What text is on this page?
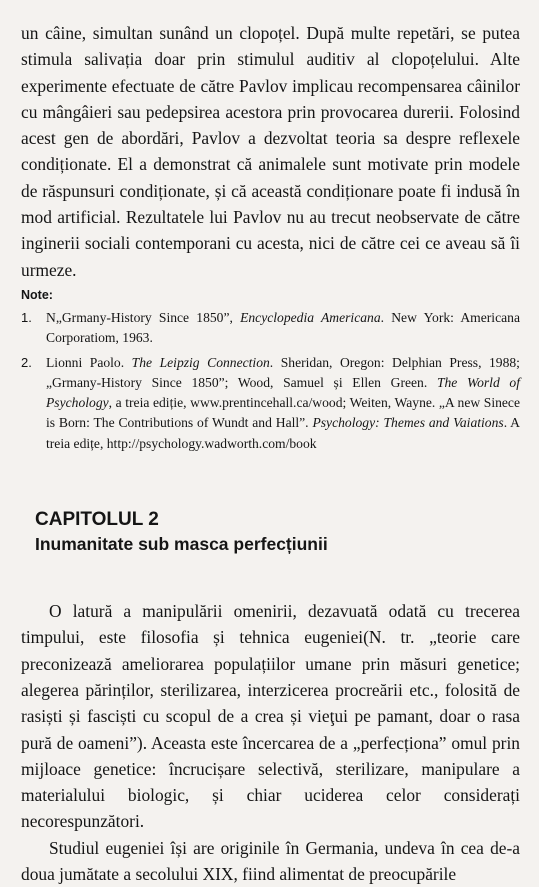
un câine, simultan sunând un clopoțel. După multe repetări, se putea stimula salivația doar prin stimulul auditiv al clopoțelului. Alte experimente efectuate de către Pavlov implicau recompensarea câinilor cu mângâieri sau pedepsirea acestora prin provocarea durerii. Folosind acest gen de abordări, Pavlov a dezvoltat teoria sa despre reflexele condiționate. El a demonstrat că animalele sunt motivate prin modele de răspunsuri condiționate, și că această condiționare poate fi indusă în mod artificial. Rezultatele lui Pavlov nu au trecut neobservate de către inginerii sociali contemporani cu acesta, nici de către cei ce aveau să îi urmeze.

Note:
1.	N„Grmany-History Since 1850”, Encyclopedia Americana. New York: Americana Corporatiom, 1963.
2.	Lionni Paolo. The Leipzig Connection. Sheridan, Oregon: Delphian Press, 1988; „Grmany-History Since 1850”; Wood, Samuel și Ellen Green. The World of Psychology, a treia ediție, www.prentincehall.ca/wood; Weiten, Wayne. „A new Sinece is Born: The Contributions of Wundt and Hall”. Psychology: Themes and Vaiations. A treia edițe, http://psychology.wadworth.com/book
CAPITOLUL 2
Inumanitate sub masca perfecțiunii

O latură a manipulării omenirii, dezavuată odată cu trecerea timpului, este filosofia și tehnica eugeniei(N. tr. „teorie care preconizează ameliorarea populațiilor umane prin măsuri genetice; alegerea părinților, sterilizarea, interzicerea procreării etc., folosită de rasiști și fasciști cu scopul de a crea și vieţui pe pamant, doar o rasa pură de oameni”). Aceasta este încercarea de a „perfecționa” omul prin mijloace genetice: încrucișare selectivă, sterilizare, manipulare a materialului biologic, și chiar uciderea celor considerați necorespunzători.

Studiul eugeniei își are originile în Germania, undeva în cea de-a doua jumătate a secolului XIX, fiind alimentat de preocupările
